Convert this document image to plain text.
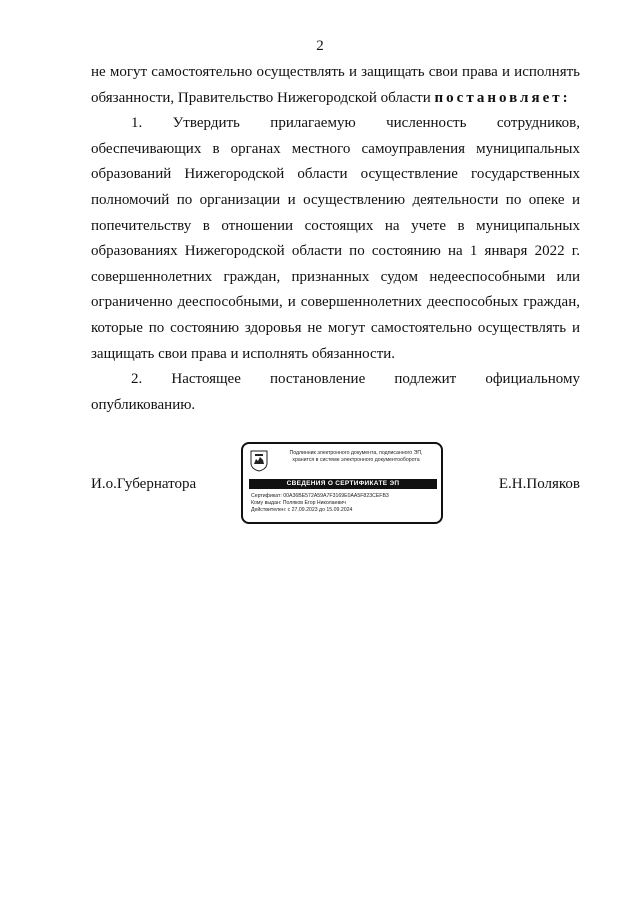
2

не могут самостоятельно осуществлять и защищать свои права и исполнять обязанности, Правительство Нижегородской области постановляет:

1. Утвердить прилагаемую численность сотрудников, обеспечивающих в органах местного самоуправления муниципальных образований Нижегородской области осуществление государственных полномочий по организации и осуществлению деятельности по опеке и попечительству в отношении состоящих на учете в муниципальных образованиях Нижегородской области по состоянию на 1 января 2022 г. совершеннолетних граждан, признанных судом недееспособными или ограниченно дееспособными, и совершеннолетних дееспособных граждан, которые по состоянию здоровья не могут самостоятельно осуществлять и защищать свои права и исполнять обязанности.

2. Настоящее постановление подлежит официальному опубликованию.

И.о.Губернатора
Подлинник электронного документа, подписанного ЭП,
хранится в системе электронного документооборота
СВЕДЕНИЯ О СЕРТИФИКАТЕ ЭП
Сертификат: 00A36BE572A59A7F3169E0AA5F823CEFB3
Кому выдан: Поляков Егор Николаевич
Действителен: с 27.09.2023 до 15.09.2024
Е.Н.Поляков
